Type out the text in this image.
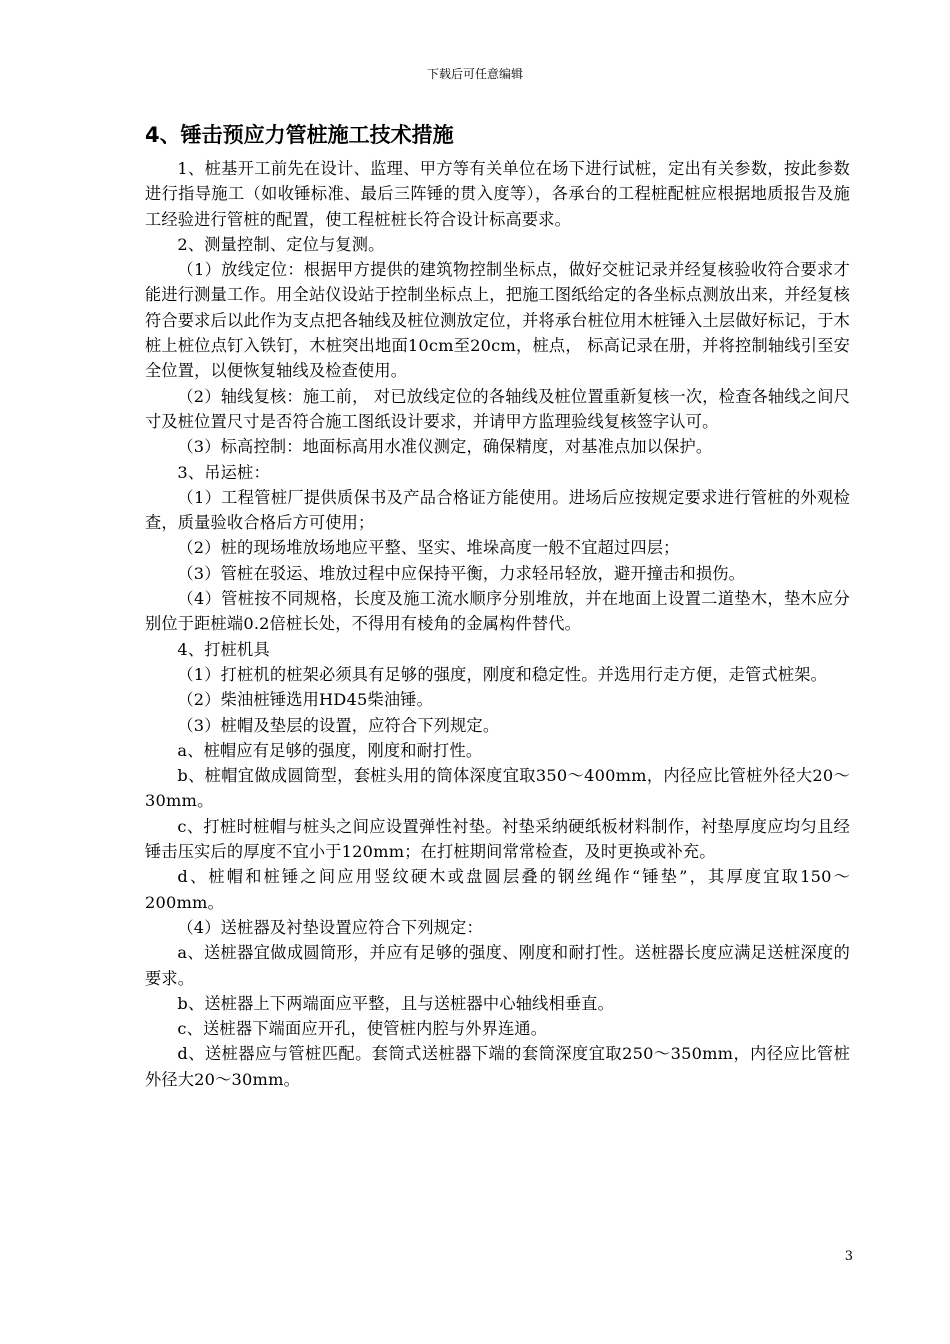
下载后可任意编辑
4、锤击预应力管桩施工技术措施

1、桩基开工前先在设计、监理、甲方等有关单位在场下进行试桩，定出有关参数，按此参数进行指导施工（如收锤标准、最后三阵锤的贯入度等），各承台的工程桩配桩应根据地质报告及施工经验进行管桩的配置，使工程桩桩长符合设计标高要求。

2、测量控制、定位与复测。

（1）放线定位：根据甲方提供的建筑物控制坐标点，做好交桩记录并经复核验收符合要求才能进行测量工作。用全站仪设站于控制坐标点上，把施工图纸给定的各坐标点测放出来，并经复核符合要求后以此作为支点把各轴线及桩位测放定位，并将承台桩位用木桩锤入土层做好标记，于木桩上桩位点钉入铁钉，木桩突出地面10cm至20cm，桩点， 标高记录在册，并将控制轴线引至安全位置，以便恢复轴线及检查使用。

（2）轴线复核：施工前， 对已放线定位的各轴线及桩位置重新复核一次，检查各轴线之间尺寸及桩位置尺寸是否符合施工图纸设计要求，并请甲方监理验线复核签字认可。

（3）标高控制：地面标高用水准仪测定，确保精度，对基准点加以保护。

3、吊运桩：

（1）工程管桩厂提供质保书及产品合格证方能使用。进场后应按规定要求进行管桩的外观检查，质量验收合格后方可使用；

（2）桩的现场堆放场地应平整、坚实、堆垛高度一般不宜超过四层；

（3）管桩在驳运、堆放过程中应保持平衡，力求轻吊轻放，避开撞击和损伤。

（4）管桩按不同规格，长度及施工流水顺序分别堆放，并在地面上设置二道垫木，垫木应分别位于距桩端0.2倍桩长处，不得用有棱角的金属构件替代。

4、打桩机具

（1）打桩机的桩架必须具有足够的强度，刚度和稳定性。并选用行走方便，走管式桩架。

（2）柴油桩锤选用HD45柴油锤。

（3）桩帽及垫层的设置，应符合下列规定。

a、桩帽应有足够的强度，刚度和耐打性。

b、桩帽宜做成圆筒型，套桩头用的筒体深度宜取350～400mm，内径应比管桩外径大20～30mm。

c、打桩时桩帽与桩头之间应设置弹性衬垫。衬垫采纳硬纸板材料制作，衬垫厚度应均匀且经锤击压实后的厚度不宜小于120mm；在打桩期间常常检查，及时更换或补充。

d、桩帽和桩锤之间应用竖纹硬木或盘圆层叠的钢丝绳作“锤垫”，其厚度宜取150～200mm。

（4）送桩器及衬垫设置应符合下列规定：

a、送桩器宜做成圆筒形，并应有足够的强度、刚度和耐打性。送桩器长度应满足送桩深度的要求。

b、送桩器上下两端面应平整，且与送桩器中心轴线相垂直。

c、送桩器下端面应开孔，使管桩内腔与外界连通。

d、送桩器应与管桩匹配。套筒式送桩器下端的套筒深度宜取250～350mm，内径应比管桩外径大20～30mm。

3
